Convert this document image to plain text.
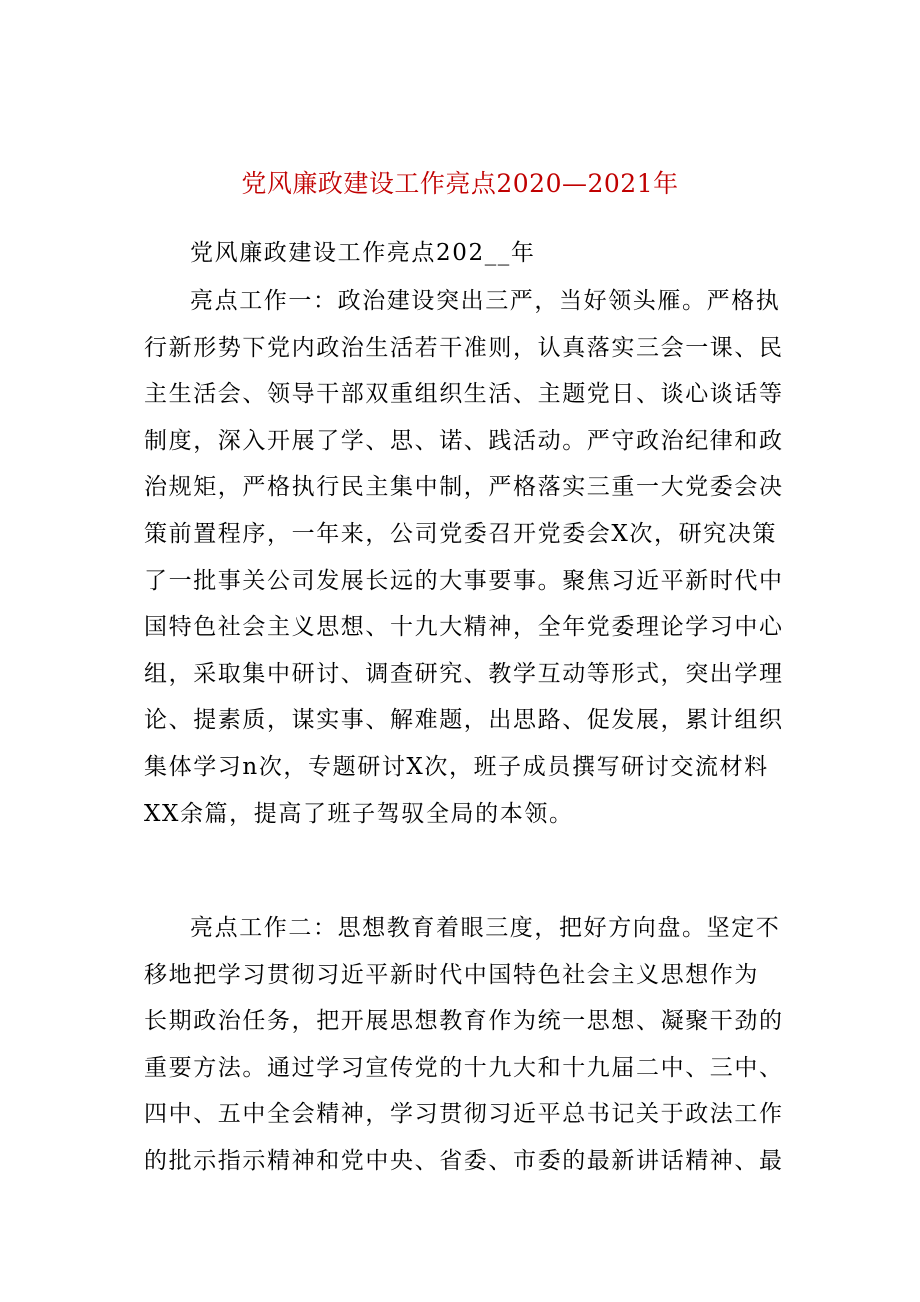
党风廉政建设工作亮点2020—2021年
党风廉政建设工作亮点202__年
亮点工作一：政治建设突出三严，当好领头雁。严格执
行新形势下党内政治生活若干准则，认真落实三会一课、民
主生活会、领导干部双重组织生活、主题党日、谈心谈话等
制度，深入开展了学、思、诺、践活动。严守政治纪律和政
治规矩，严格执行民主集中制，严格落实三重一大党委会决
策前置程序，一年来，公司党委召开党委会X次，研究决策
了一批事关公司发展长远的大事要事。聚焦习近平新时代中
国特色社会主义思想、十九大精神，全年党委理论学习中心
组，采取集中研讨、调查研究、教学互动等形式，突出学理
论、提素质，谋实事、解难题，出思路、促发展，累计组织
集体学习n次，专题研讨X次，班子成员撰写研讨交流材料
XX余篇，提高了班子驾驭全局的本领。
亮点工作二：思想教育着眼三度，把好方向盘。坚定不
移地把学习贯彻习近平新时代中国特色社会主义思想作为
长期政治任务，把开展思想教育作为统一思想、凝聚干劲的
重要方法。通过学习宣传党的十九大和十九届二中、三中、
四中、五中全会精神，学习贯彻习近平总书记关于政法工作
的批示指示精神和党中央、省委、市委的最新讲话精神、最
